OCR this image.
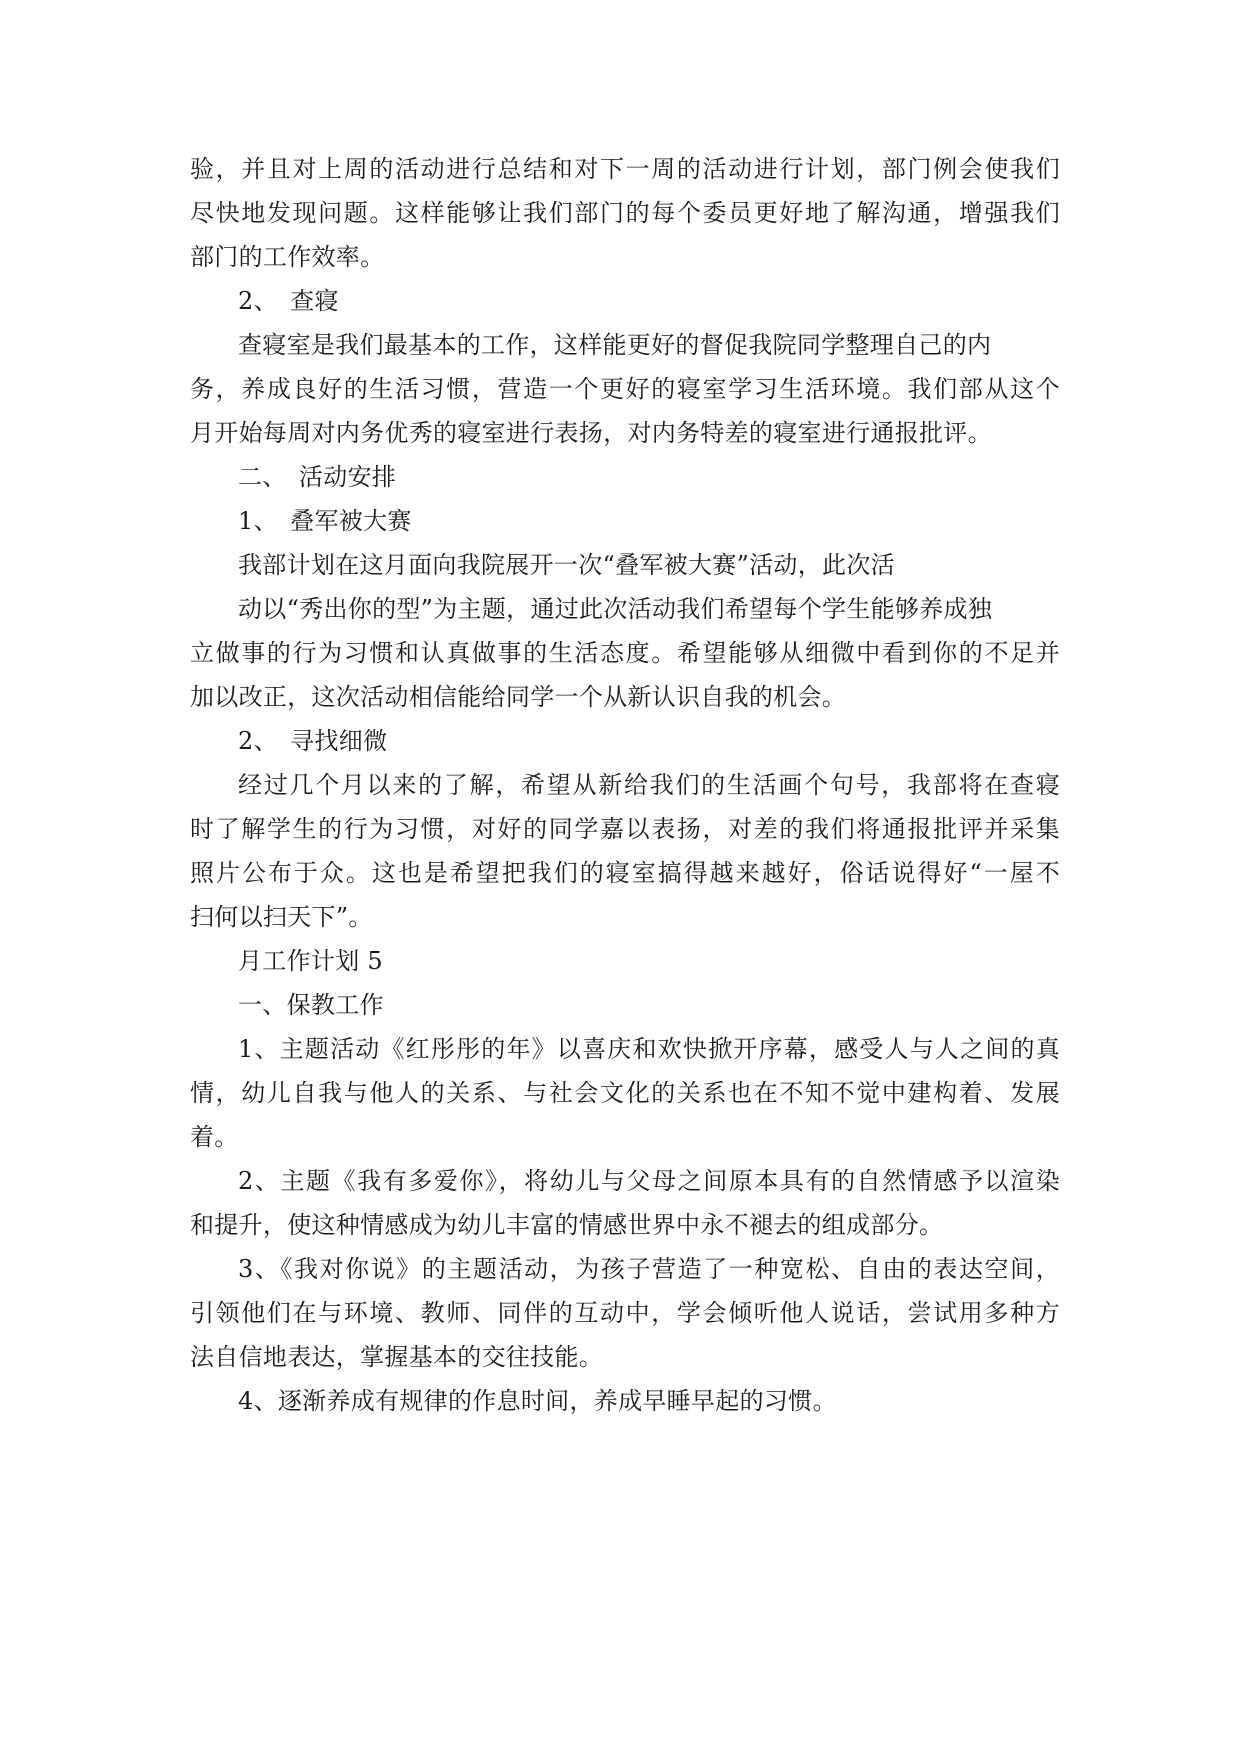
验，并且对上周的活动进行总结和对下一周的活动进行计划，部门例会使我们
尽快地发现问题。这样能够让我们部门的每个委员更好地了解沟通，增强我们
部门的工作效率。
2、　查寝
查寝室是我们最基本的工作，这样能更好的督促我院同学整理自己的内
务，养成良好的生活习惯，营造一个更好的寝室学习生活环境。我们部从这个
月开始每周对内务优秀的寝室进行表扬，对内务特差的寝室进行通报批评。
二、　活动安排
1、　叠军被大赛
我部计划在这月面向我院展开一次“叠军被大赛”活动，此次活
动以“秀出你的型”为主题，通过此次活动我们希望每个学生能够养成独
立做事的行为习惯和认真做事的生活态度。希望能够从细微中看到你的不足并
加以改正，这次活动相信能给同学一个从新认识自我的机会。
2、　寻找细微
经过几个月以来的了解，希望从新给我们的生活画个句号，我部将在查寝
时了解学生的行为习惯，对好的同学嘉以表扬，对差的我们将通报批评并采集
照片公布于众。这也是希望把我们的寝室搞得越来越好，俗话说得好“一屋不
扫何以扫天下”。
月工作计划 5
一、保教工作
1、主题活动《红彤彤的年》以喜庆和欢快掀开序幕，感受人与人之间的真
情，幼儿自我与他人的关系、与社会文化的关系也在不知不觉中建构着、发展
着。
2、主题《我有多爱你》，将幼儿与父母之间原本具有的自然情感予以渲染
和提升，使这种情感成为幼儿丰富的情感世界中永不褪去的组成部分。
3、《我对你说》的主题活动，为孩子营造了一种宽松、自由的表达空间，
引领他们在与环境、教师、同伴的互动中，学会倾听他人说话，尝试用多种方
法自信地表达，掌握基本的交往技能。
4、逐渐养成有规律的作息时间，养成早睡早起的习惯。
